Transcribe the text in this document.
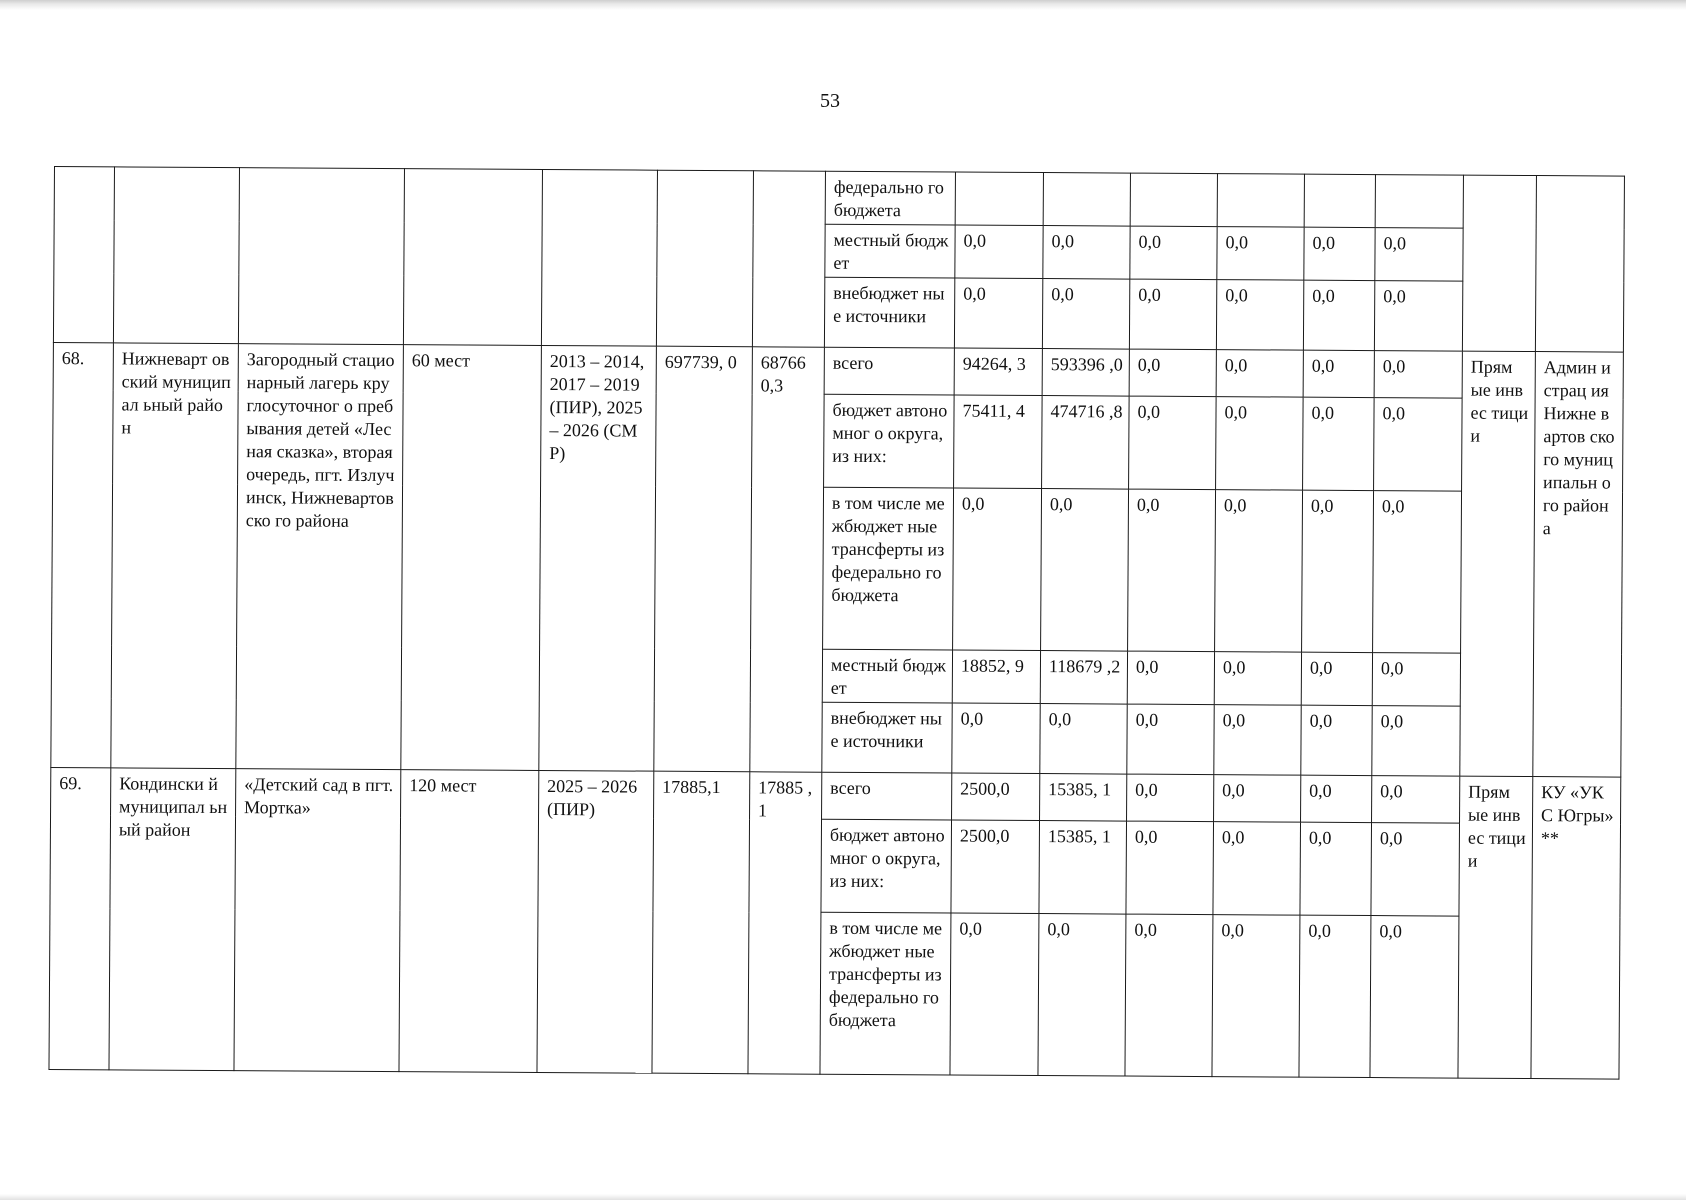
53
							федерально го бюджета								
							местный бюджет	0,0	0,0	0,0	0,0	0,0	0,0		
							внебюджет ные источники	0,0	0,0	0,0	0,0	0,0	0,0		
68.	Нижневарт овский муниципал ьный район	Загородный стационарный лагерь круглосуточног о пребывания детей «Лесная сказка», вторая очередь, пгт. Излучинск, Нижневартовско го района	60 мест	2013 – 2014, 2017 – 2019 (ПИР), 2025 – 2026 (СМР)	697739, 0	68766 0,3	всего	94264, 3	593396 ,0	0,0	0,0	0,0	0,0	Прям ые инвес тици и	Админ истрац ия Нижне вартов ского муниц ипальн ого района
							бюджет автономног о округа, из них:	75411, 4	474716 ,8	0,0	0,0	0,0	0,0		
							в том числе межбюджет ные трансферты из федерально го бюджета	0,0	0,0	0,0	0,0	0,0	0,0		
							местный бюджет	18852, 9	118679 ,2	0,0	0,0	0,0	0,0		
							внебюджет ные источники	0,0	0,0	0,0	0,0	0,0	0,0		
69.	Кондински й муниципал ьный район	«Детский сад в пгт. Мортка»	120 мест	2025 – 2026 (ПИР)	17885,1	17885 ,1	всего	2500,0	15385, 1	0,0	0,0	0,0	0,0	Прям ые инвес тици и	КУ «УКС Югры» **
							бюджет автономног о округа, из них:	2500,0	15385, 1	0,0	0,0	0,0	0,0		
							в том числе межбюджет ные трансферты из федерально го бюджета	0,0	0,0	0,0	0,0	0,0	0,0		
